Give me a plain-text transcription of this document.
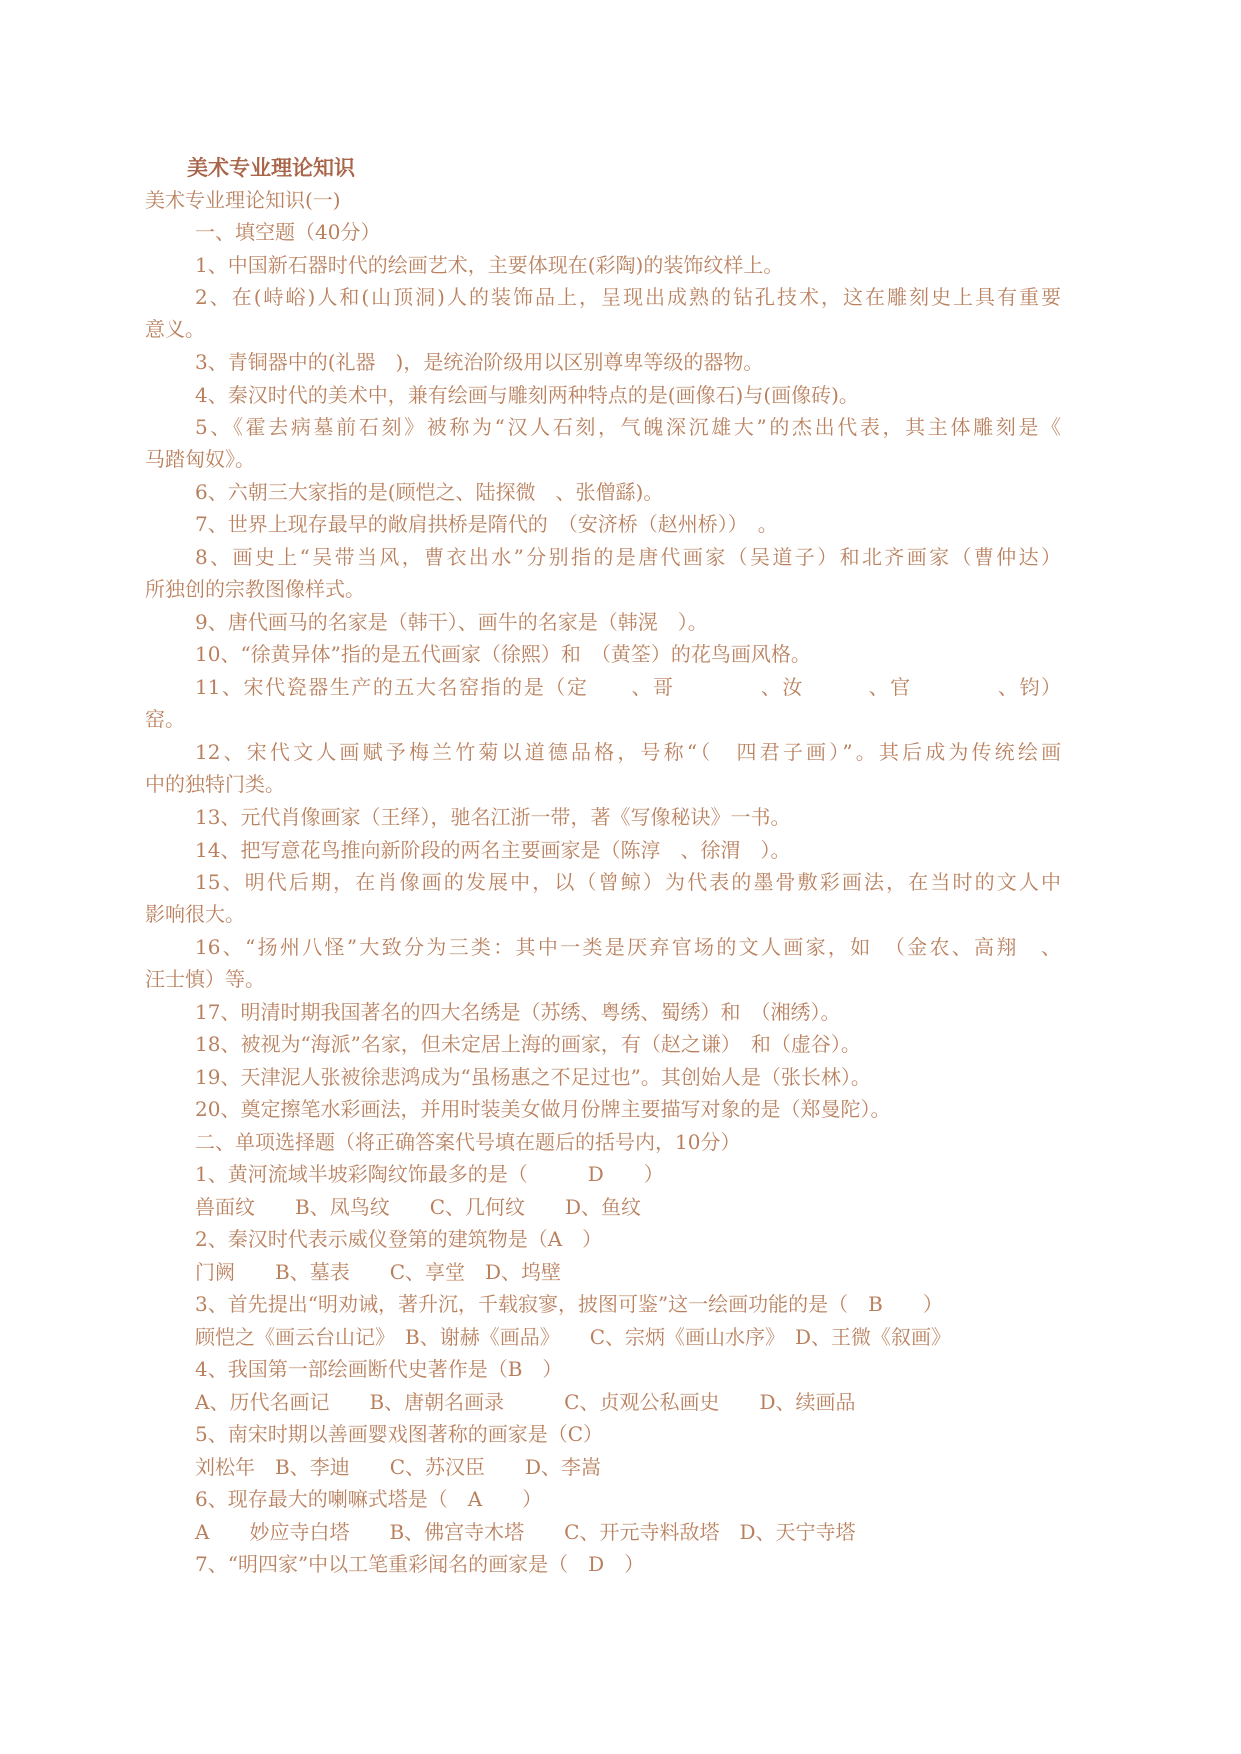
美术专业理论知识
美术专业理论知识(一)
一、填空题（40分）
1、中国新石器时代的绘画艺术，主要体现在(彩陶)的装饰纹样上。
2、在(峙峪)人和(山顶洞)人的装饰品上，呈现出成熟的钻孔技术，这在雕刻史上具有重要
意义。
3、青铜器中的(礼器　)，是统治阶级用以区别尊卑等级的器物。
4、秦汉时代的美术中，兼有绘画与雕刻两种特点的是(画像石)与(画像砖)。
5、《霍去病墓前石刻》被称为“汉人石刻，气魄深沉雄大”的杰出代表，其主体雕刻是《
马踏匈奴》。
6、六朝三大家指的是(顾恺之、陆探微　、张僧繇)。
7、世界上现存最早的敞肩拱桥是隋代的　（安济桥（赵州桥））　。
8、画史上“吴带当风，曹衣出水”分别指的是唐代画家（吴道子）和北齐画家（曹仲达）
所独创的宗教图像样式。
9、唐代画马的名家是（韩干）、画牛的名家是（韩滉　）。
10、“徐黄异体”指的是五代画家（徐熙）和　（黄筌）的花鸟画风格。
11、宋代瓷器生产的五大名窑指的是（定　　、哥　　　　、汝　　　、官　　　　、钧）
窑。
12、宋代文人画赋予梅兰竹菊以道德品格，号称“（　四君子画）”。其后成为传统绘画
中的独特门类。
13、元代肖像画家（王绎），驰名江浙一带，著《写像秘诀》一书。
14、把写意花鸟推向新阶段的两名主要画家是（陈淳　、徐渭　）。
15、明代后期，在肖像画的发展中，以（曾鲸）为代表的墨骨敷彩画法，在当时的文人中
影响很大。
16、“扬州八怪”大致分为三类：其中一类是厌弃官场的文人画家，如　（金农、高翔　、
汪士慎）等。
17、明清时期我国著名的四大名绣是（苏绣、粤绣、蜀绣）和　（湘绣）。
18、被视为“海派”名家，但未定居上海的画家，有（赵之谦）　和（虚谷）。
19、天津泥人张被徐悲鸿成为“虽杨惠之不足过也”。其创始人是（张长林）。
20、奠定擦笔水彩画法，并用时装美女做月份牌主要描写对象的是（郑曼陀）。
二、单项选择题（将正确答案代号填在题后的括号内，10分）
1、黄河流域半坡彩陶纹饰最多的是（　　　D　　）
兽面纹　　B、凤鸟纹　　C、几何纹　　D、鱼纹
2、秦汉时代表示威仪登第的建筑物是（A　）
门阙　　B、墓表　　C、享堂　D、坞壁
3、首先提出“明劝诫，著升沉，千载寂寥，披图可鉴”这一绘画功能的是（　B　　）
顾恺之《画云台山记》　B、谢赫《画品》　　C、宗炳《画山水序》　D、王微《叙画》
4、我国第一部绘画断代史著作是（B　）
A、历代名画记　　B、唐朝名画录　　　C、贞观公私画史　　D、续画品
5、南宋时期以善画婴戏图著称的画家是（C）
刘松年　B、李迪　　C、苏汉臣　　D、李嵩
6、现存最大的喇嘛式塔是（　A　　）
A　　妙应寺白塔　　B、佛宫寺木塔　　C、开元寺料敌塔　D、天宁寺塔
7、“明四家”中以工笔重彩闻名的画家是（　D　）
